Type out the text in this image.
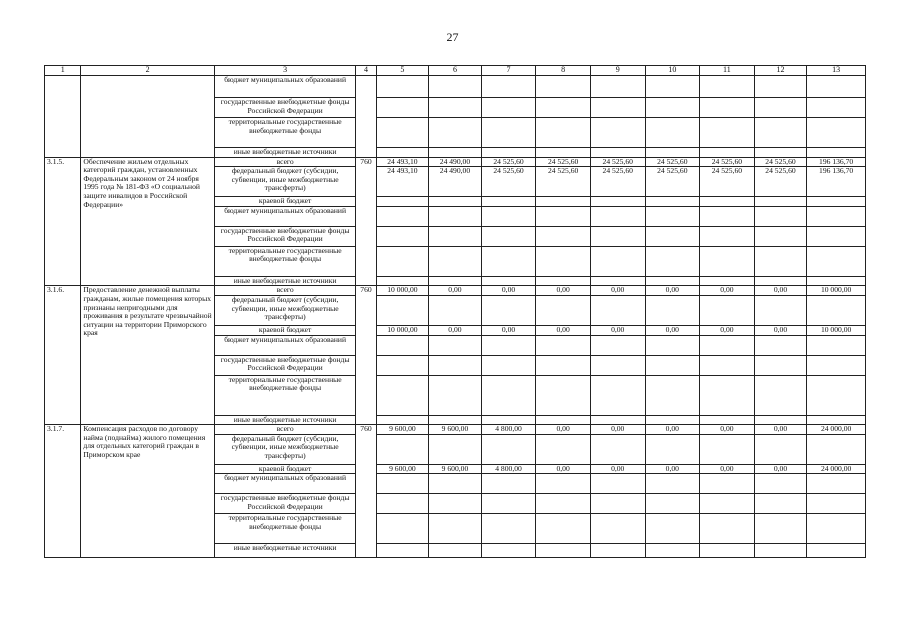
27
1	2	3	4	5	6	7	8	9	10	11	12	13
		бюджет муниципальных образований										
		государственные внебюджетные фонды Российской Федерации										
		территориальные государственные внебюджетные фонды										
		иные внебюджетные источники										
3.1.5.	Обеспечение жильем отдельных категорий граждан, установленных Федеральным законом от 24 ноября 1995 года № 181-ФЗ «О социальной защите инвалидов в Российской Федерации»	всего	760	24 493,10	24 490,00	24 525,60	24 525,60	24 525,60	24 525,60	24 525,60	24 525,60	196 136,70
		федеральный бюджет (субсидии, субвенции, иные межбюджетные трансферты)		24 493,10	24 490,00	24 525,60	24 525,60	24 525,60	24 525,60	24 525,60	24 525,60	196 136,70
		краевой бюджет										
		бюджет муниципальных образований										
		государственные внебюджетные фонды Российской Федерации										
		территориальные государственные внебюджетные фонды										
		иные внебюджетные источники										
3.1.6.	Предоставление денежной выплаты гражданам, жилые помещения которых признаны непригодными для проживания в результате чрезвычайной ситуации на территории Приморского края	всего	760	10 000,00	0,00	0,00	0,00	0,00	0,00	0,00	0,00	10 000,00
		федеральный бюджет (субсидии, субвенции, иные межбюджетные трансферты)										
		краевой бюджет		10 000,00	0,00	0,00	0,00	0,00	0,00	0,00	0,00	10 000,00
		бюджет муниципальных образований										
		государственные внебюджетные фонды Российской Федерации										
		территориальные государственные внебюджетные фонды										
		иные внебюджетные источники										
3.1.7.	Компенсация расходов по договору найма (поднайма) жилого помещения для отдельных категорий граждан в Приморском крае	всего	760	9 600,00	9 600,00	4 800,00	0,00	0,00	0,00	0,00	0,00	24 000,00
		федеральный бюджет (субсидии, субвенции, иные межбюджетные трансферты)										
		краевой бюджет		9 600,00	9 600,00	4 800,00	0,00	0,00	0,00	0,00	0,00	24 000,00
		бюджет муниципальных образований										
		государственные внебюджетные фонды Российской Федерации										
		территориальные государственные внебюджетные фонды										
		иные внебюджетные источники										
